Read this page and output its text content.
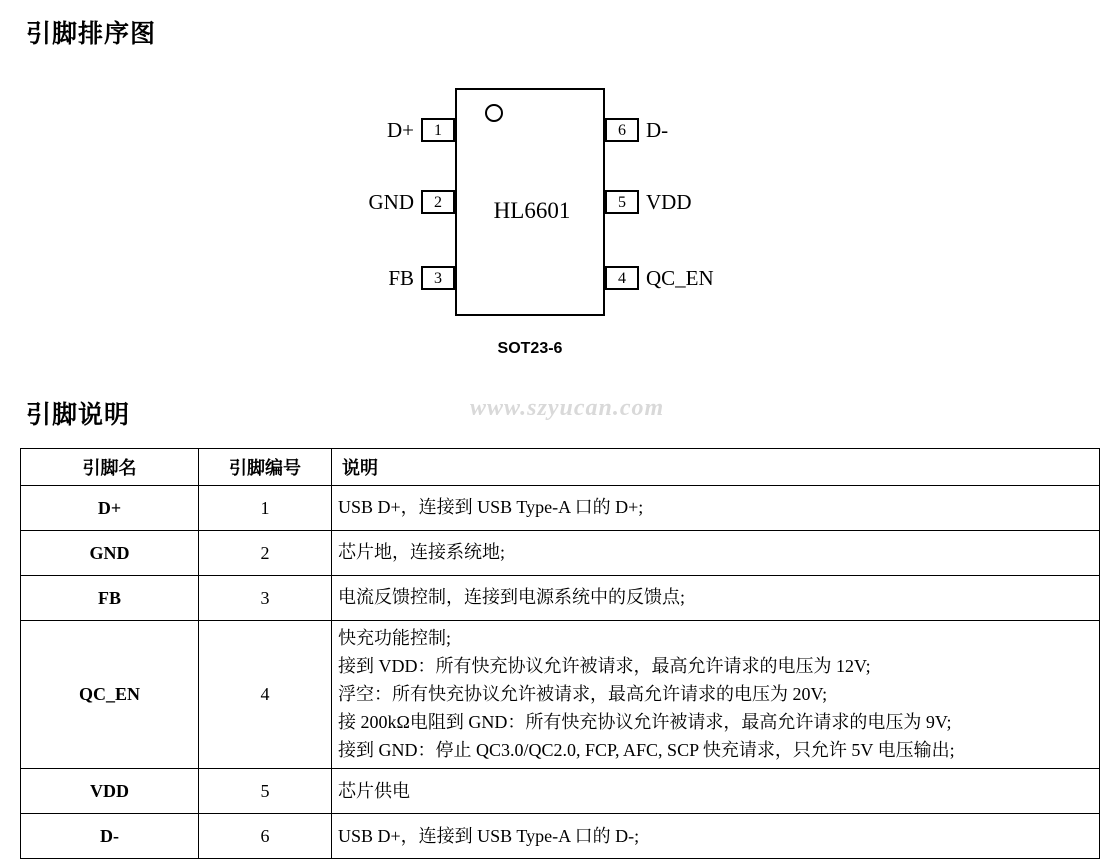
引脚排序图
HL6601
1
D+
2
GND
3
FB
6 D-
5 VDD
4 QC_EN
SOT23-6
引脚说明	www.szyucan.com
引脚名	引脚编号	说明
D+	1	USB D+，连接到 USB Type-A 口的 D+;

GND	2	芯片地，连接系统地;

FB	3	电流反馈控制，连接到电源系统中的反馈点;

QC_EN	4	快充功能控制;
接到 VDD：所有快充协议允许被请求，最高允许请求的电压为 12V;
浮空：所有快充协议允许被请求，最高允许请求的电压为 20V;
接 200kΩ电阻到 GND：所有快充协议允许被请求，最高允许请求的电压为 9V;
接到 GND：停止 QC3.0/QC2.0, FCP, AFC, SCP 快充请求，只允许 5V 电压输出;

VDD	5	芯片供电

D-	6	USB D+，连接到 USB Type-A 口的 D-;
